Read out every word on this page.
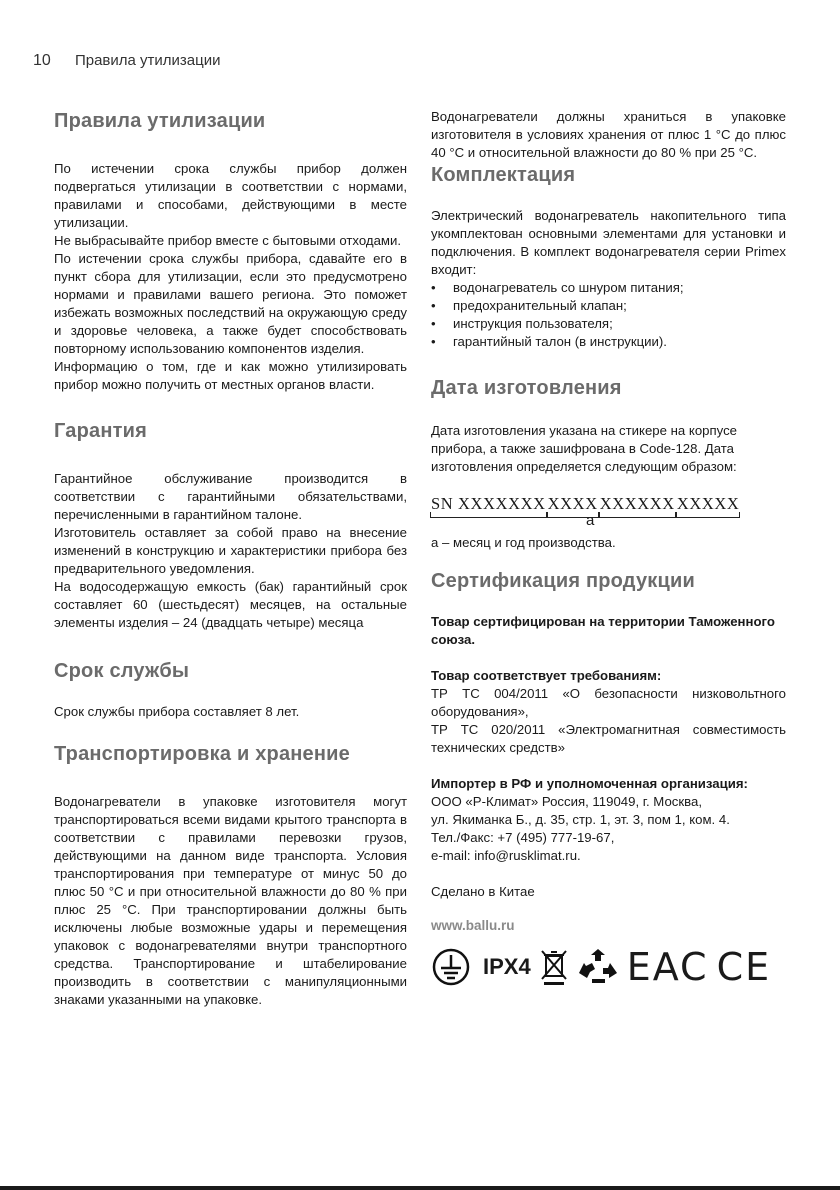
10 Правила утилизации
Правила утилизации

По истечении срока службы прибор должен подвергаться утилизации в соответствии с нормами, правилами и способами, действующими в месте утилизации.

Не выбрасывайте прибор вместе с бытовыми отходами.

По истечении срока службы прибора, сдавайте его в пункт сбора для утилизации, если это предусмотрено нормами и правилами вашего региона. Это поможет избежать возможных последствий на окружающую среду и здоровье человека, а также будет способствовать повторному использованию компонентов изделия.

Информацию о том, где и как можно утилизировать прибор можно получить от местных органов власти.

Гарантия

Гарантийное обслуживание производится в соответствии с гарантийными обязательствами, перечисленными в гарантийном талоне.

Изготовитель оставляет за собой право на внесение изменений в конструкцию и характеристики прибора без предварительного уведомления.

На водосодержащую емкость (бак) гарантийный срок составляет 60 (шестьдесят) месяцев, на остальные элементы изделия – 24 (двадцать четыре) месяца

Срок службы

Срок службы прибора составляет 8 лет.

Транспортировка и хранение

Водонагреватели в упаковке изготовителя могут транспортироваться всеми видами крытого транспорта в соответствии с правилами перевозки грузов, действующими на данном виде транспорта. Условия транспортирования при температуре от минус 50 до плюс 50 °C и при относительной влажности до 80 % при плюс 25 °C. При транспортировании должны быть исключены любые возможные удары и перемещения упаковок с водонагревателями внутри транспортного средства. Транспортирование и штабелирование производить в соответствии с манипуляционными знаками указанными на упаковке.

Водонагреватели должны храниться в упаковке изготовителя в условиях хранения от плюс 1 °C до плюс 40 °C и относительной влажности до 80 % при 25 °C.

Комплектация

Электрический водонагреватель накопительного типа укомплектован основными элементами для установки и подключения. В комплект водонагревателя серии Primex входит:

• водонагреватель со шнуром питания;
• предохранительный клапан;
• инструкция пользователя;
• гарантийный талон (в инструкции).
Дата изготовления

Дата изготовления указана на стикере на корпусе прибора, а также зашифрована в Code-128. Дата изготовления определяется следующим образом:

SN XXXXXXX XXXX XXXXXX XXXXX
a

а – месяц и год производства.

Сертификация продукции

Товар сертифицирован на территории Таможенного союза.

Товар соответствует требованиям:

ТР ТС 004/2011 «О безопасности низковольтного оборудования»,

ТР ТС 020/2011 «Электромагнитная совместимость технических средств»

Импортер в РФ и уполномоченная организация:

ООО «Р-Климат» Россия, 119049, г. Москва,

ул. Якиманка Б., д. 35, стр. 1, эт. 3, пом 1, ком. 4.

Тел./Факс: +7 (495) 777-19-67,

e-mail: info@rusklimat.ru.

Сделано в Китае

www.ballu.ru

IPX4	EAC CE
